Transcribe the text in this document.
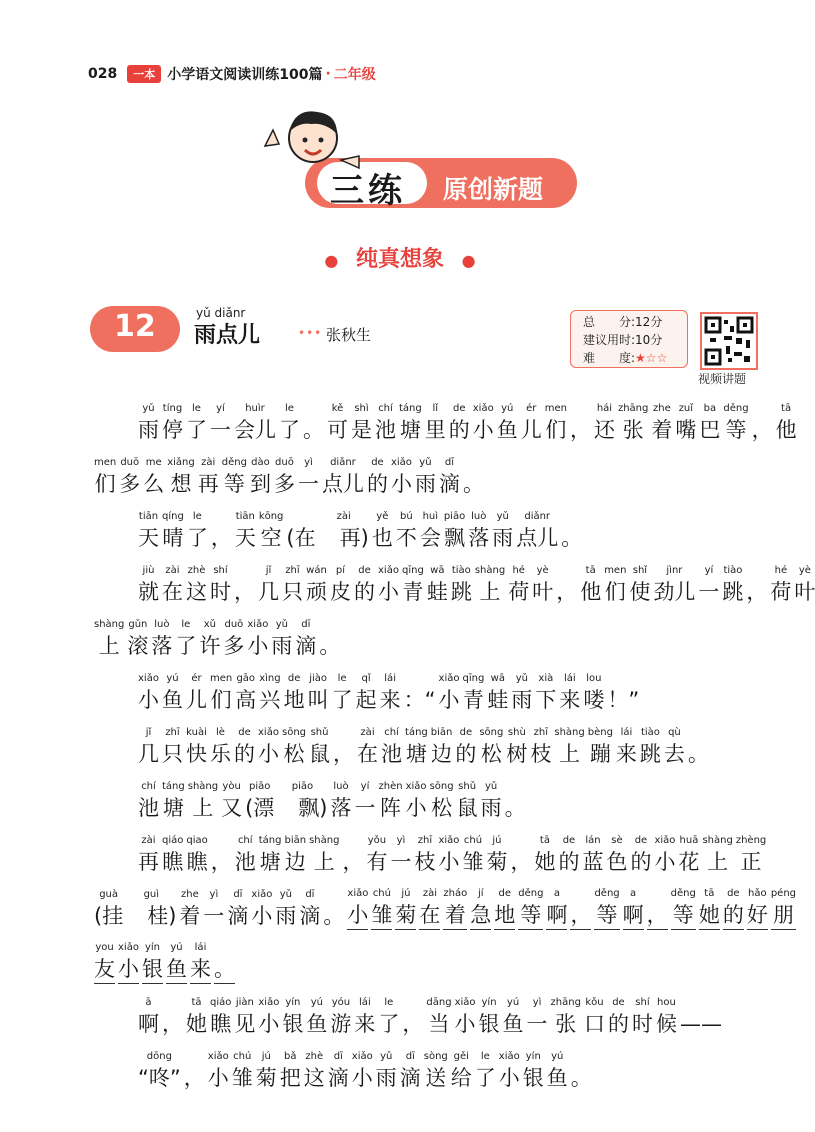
028	一本 小学语文阅读训练100篇 · 二年级
三练 原创新题
● 纯真想象 ●
12	yǔ diǎnr
雨点儿	••• 张秋生
总　　分:12分
建议用时:10分
难　　度:★☆☆
视频讲题
yǔ
雨
tíng
停
le
了
yí
一
huìr
会儿
le
了 。
kě
可
shì
是
chí
池
táng
塘
lǐ
里
de
的
xiǎo
小
yú
鱼
ér
儿
men
们 ，
hái
还
zhāng
张
zhe
着
zuǐ
嘴
ba
巴
děng
等 ，
tā
他
men
们
duō
多
me
么
xiǎng
想
zài
再
děng
等
dào
到
duō
多
yì
一
diǎnr
点儿
de
的
xiǎo
小
yǔ
雨
dī
滴 。
tiān
天
qíng
晴
le
了 ，
tiān
天
kōng
空 (在
zài
　再)
yě
也
bú
不
huì
会
piāo
飘
luò
落
yǔ
雨
diǎnr
点儿 。
jiù
就
zài
在
zhè
这
shí
时 ，
jǐ
几
zhī
只
wán
顽
pí
皮
de
的
xiǎo
小
qīng
青
wā
蛙
tiào
跳
shàng
上
hé
荷
yè
叶 ，
tā
他
men
们
shǐ
使
jìnr
劲儿
yí
一
tiào
跳 ，
hé
荷
yè
叶
shàng
上
gǔn
滚
luò
落
le
了
xǔ
许
duō
多
xiǎo
小
yǔ
雨
dī
滴 。
xiǎo
小
yú
鱼
ér
儿
men
们
gāo
高
xìng
兴
de
地
jiào
叫
le
了
qǐ
起
lái
来 ：“
xiǎo
小
qīng
青
wā
蛙
yǔ
雨
xià
下
lái
来
lou
喽 ！”
jǐ
几
zhī
只
kuài
快
lè
乐
de
的
xiǎo
小
sōng
松
shǔ
鼠 ，
zài
在
chí
池
táng
塘
biān
边
de
的
sōng
松
shù
树
zhī
枝
shàng
上
bèng
蹦
lái
来
tiào
跳
qù
去 。
chí
池
táng
塘
shàng
上
yòu
又
piāo
(漂
piāo
　飘)
luò
落
yí
一
zhèn
阵
xiǎo
小
sōng
松
shǔ
鼠
yǔ
雨 。
zài
再
qiáo
瞧
qiao
瞧 ，
chí
池
táng
塘
biān
边
shàng
上 ，
yǒu
有
yì
一
zhī
枝
xiǎo
小
chú
雏
jú
菊 ，
tā
她
de
的
lán
蓝
sè
色
de
的
xiǎo
小
huā
花
shàng
上
zhèng
正
guà
(挂
guì
　桂)
zhe
着
yì
一
dī
滴
xiǎo
小
yǔ
雨
dī
滴 。
xiǎo
小
chú
雏
jú
菊
zài
在
zháo
着
jí
急
de
地
děng
等
a
啊 ，
děng
等
a
啊 ，
děng
等
tā
她
de
的
hǎo
好
péng
朋
you
友
xiǎo
小
yín
银
yú
鱼
lái
来 。
ā
啊 ，
tā
她
qiáo
瞧
jiàn
见
xiǎo
小
yín
银
yú
鱼
yóu
游
lái
来
le
了 ，
dāng
当
xiǎo
小
yín
银
yú
鱼
yì
一
zhāng
张
kǒu
口
de
的
shí
时
hou
候 ——
dōng
“咚” ，
xiǎo
小
chú
雏
jú
菊
bǎ
把
zhè
这
dī
滴
xiǎo
小
yǔ
雨
dī
滴
sòng
送
gěi
给
le
了
xiǎo
小
yín
银
yú
鱼 。
